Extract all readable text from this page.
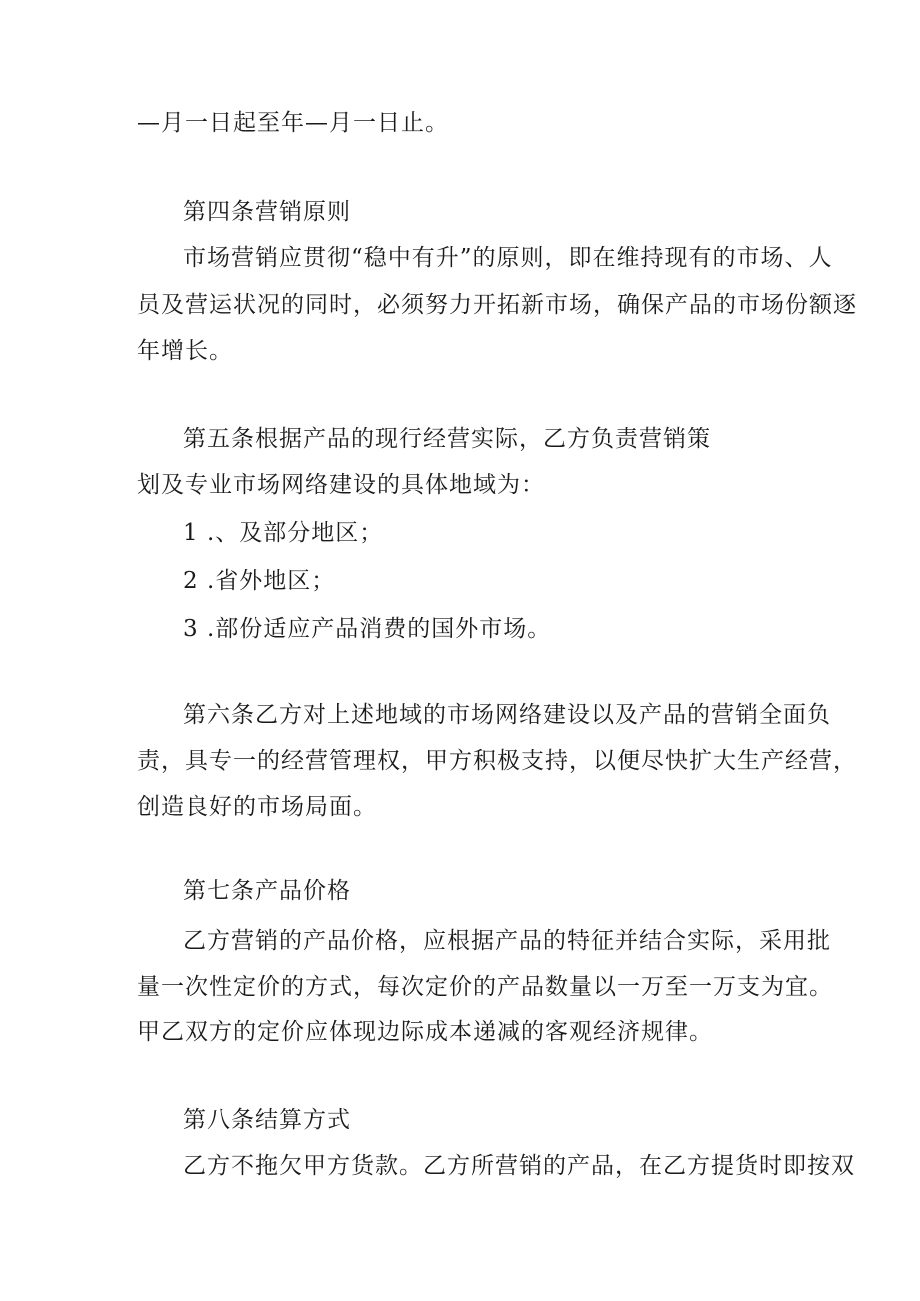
—月一日起至年—月一日止。
第四条营销原则
市场营销应贯彻“稳中有升”的原则，即在维持现有的市场、人
员及营运状况的同时，必须努力开拓新市场，确保产品的市场份额逐
年增长。
第五条根据产品的现行经营实际，乙方负责营销策
划及专业市场网络建设的具体地域为：
1 .、及部分地区；
2 .省外地区；
3 .部份适应产品消费的国外市场。
第六条乙方对上述地域的市场网络建设以及产品的营销全面负
责，具专一的经营管理权，甲方积极支持，以便尽快扩大生产经营，
创造良好的市场局面。
第七条产品价格
乙方营销的产品价格，应根据产品的特征并结合实际，采用批
量一次性定价的方式，每次定价的产品数量以一万至一万支为宜。
甲乙双方的定价应体现边际成本递减的客观经济规律。
第八条结算方式
乙方不拖欠甲方货款。乙方所营销的产品，在乙方提货时即按双
